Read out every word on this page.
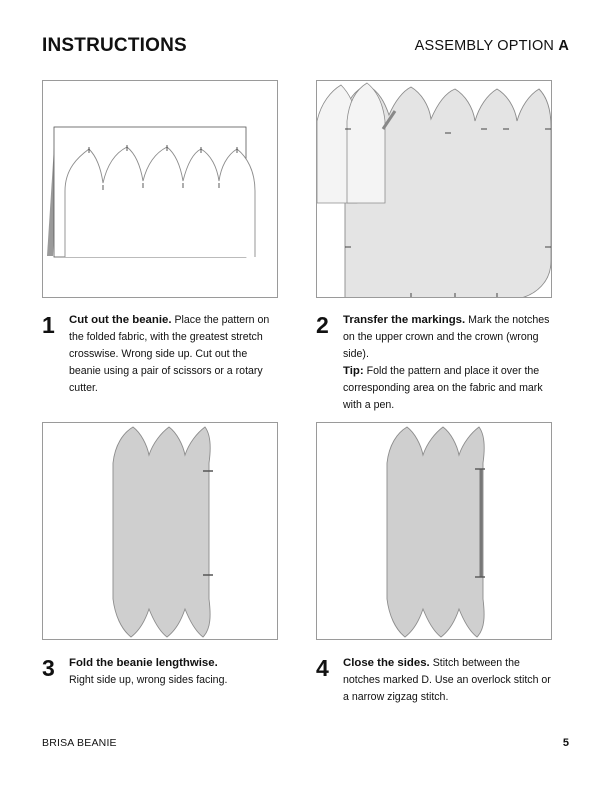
INSTRUCTIONS	ASSEMBLY OPTION A
1 Cut out the beanie. Place the pattern on the folded fabric, with the greatest stretch crosswise. Wrong side up. Cut out the beanie using a pair of scissors or a rotary cutter.
2 Transfer the markings. Mark the notches on the upper crown and the crown (wrong side).
Tip: Fold the pattern and place it over the corresponding area on the fabric and mark with a pen.
3 Fold the beanie lengthwise.
Right side up, wrong sides facing.	4 Close the sides. Stitch between the notches marked D. Use an overlock stitch or a narrow zigzag stitch.
BRISA BEANIE	5
